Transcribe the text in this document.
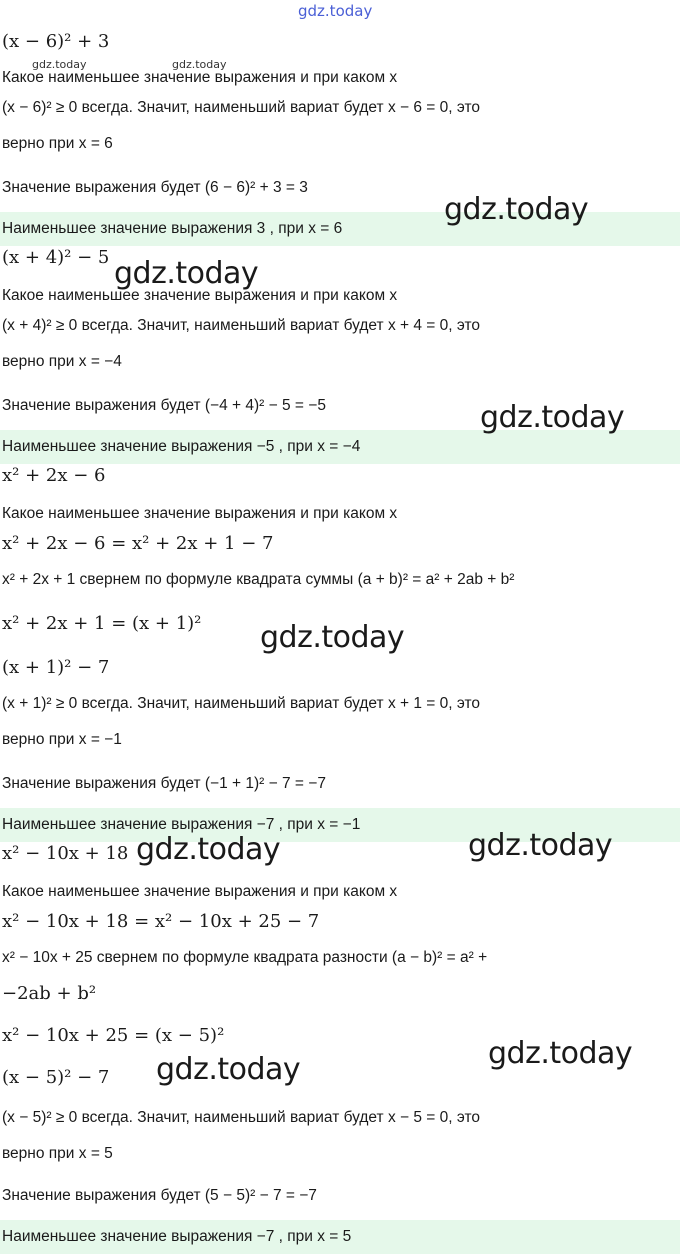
(x − 6)² + 3
Какое наименьшее значение выражения и при каком x
(x − 6)² ≥ 0 всегда. Значит, наименьший вариат будет x − 6 = 0, это
верно при x = 6
Значение выражения будет (6 − 6)² + 3 = 3
Наименьшее значение выражения 3 , при x = 6
(x + 4)² − 5
Какое наименьшее значение выражения и при каком x
(x + 4)² ≥ 0 всегда. Значит, наименьший вариат будет x + 4 = 0, это
верно при x = −4
Значение выражения будет (−4 + 4)² − 5 = −5
Наименьшее значение выражения −5 , при x = −4
x² + 2x − 6
Какое наименьшее значение выражения и при каком x
x² + 2x − 6 = x² + 2x + 1 − 7
x² + 2x + 1 свернем по формуле квадрата суммы (a + b)² = a² + 2ab + b²
x² + 2x + 1 = (x + 1)²
(x + 1)² − 7
(x + 1)² ≥ 0 всегда. Значит, наименьший вариат будет x + 1 = 0, это
верно при x = −1
Значение выражения будет (−1 + 1)² − 7 = −7
Наименьшее значение выражения −7 , при x = −1
x² − 10x + 18
Какое наименьшее значение выражения и при каком x
x² − 10x + 18 = x² − 10x + 25 − 7
x² − 10x + 25 свернем по формуле квадрата разности (a − b)² = a² +
−2ab + b²
x² − 10x + 25 = (x − 5)²
(x − 5)² − 7
(x − 5)² ≥ 0 всегда. Значит, наименьший вариат будет x − 5 = 0, это
верно при x = 5
Значение выражения будет (5 − 5)² − 7 = −7
Наименьшее значение выражения −7 , при x = 5
gdz.today
gdz.today	gdz.today
gdz.today
gdz.today
gdz.today
gdz.today
gdz.today	gdz.today
gdz.today
gdz.today
